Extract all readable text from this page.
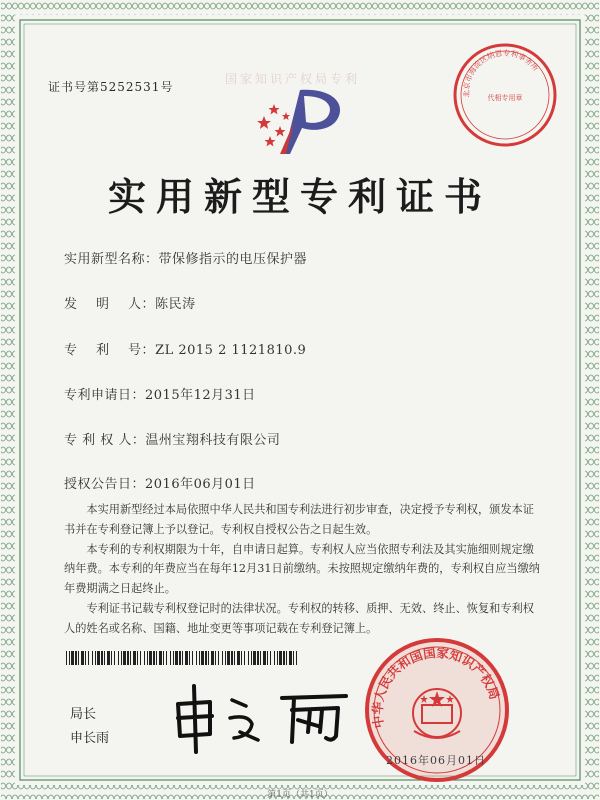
国家知识产权局专利
证书号第5252531号	北京市海淀区纳恩专利事务所
代相专用章
实用新型专利证书
实用新型名称：带保修指示的电压保护器
发    明    人：陈民涛
专    利    号：ZL 2015 2 1121810.9
专利申请日：2015年12月31日
专 利 权 人：温州宝翔科技有限公司
授权公告日：2016年06月01日

本实用新型经过本局依照中华人民共和国专利法进行初步审查，决定授予专利权，颁发本证书并在专利登记簿上予以登记。专利权自授权公告之日起生效。

本专利的专利权期限为十年，自申请日起算。专利权人应当依照专利法及其实施细则规定缴纳年费。本专利的年费应当在每年12月31日前缴纳。未按照规定缴纳年费的，专利权自应当缴纳年费期满之日起终止。

专利证书记载专利权登记时的法律状况。专利权的转移、质押、无效、终止、恢复和专利权人的姓名或名称、国籍、地址变更等事项记载在专利登记簿上。

局长
申长雨
中华人民共和国国家知识产权局
2016年06月01日
第1页（共1页）
